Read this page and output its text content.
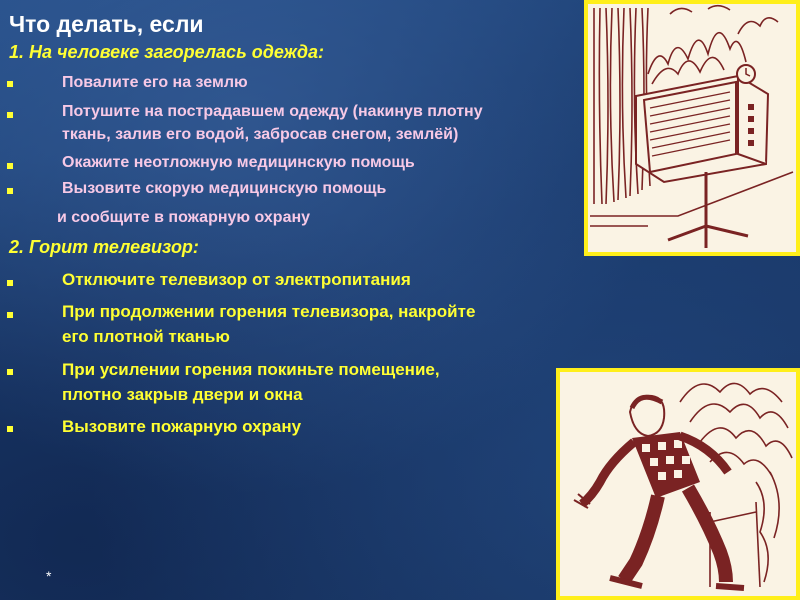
Что делать, если
1. На человеке загорелась одежда:
Повалите его на землю
Потушите на пострадавшем одежду (накинув плотну
ткань, залив его водой, забросав снегом, землёй)
Окажите неотложную медицинскую помощь
Вызовите скорую медицинскую помощь
и сообщите в пожарную охрану
2. Горит телевизор:
Отключите телевизор от электропитания
При продолжении горения телевизора, накройте
его плотной тканью
При усилении горения покиньте помещение,
плотно закрыв двери и окна
Вызовите пожарную охрану
*
